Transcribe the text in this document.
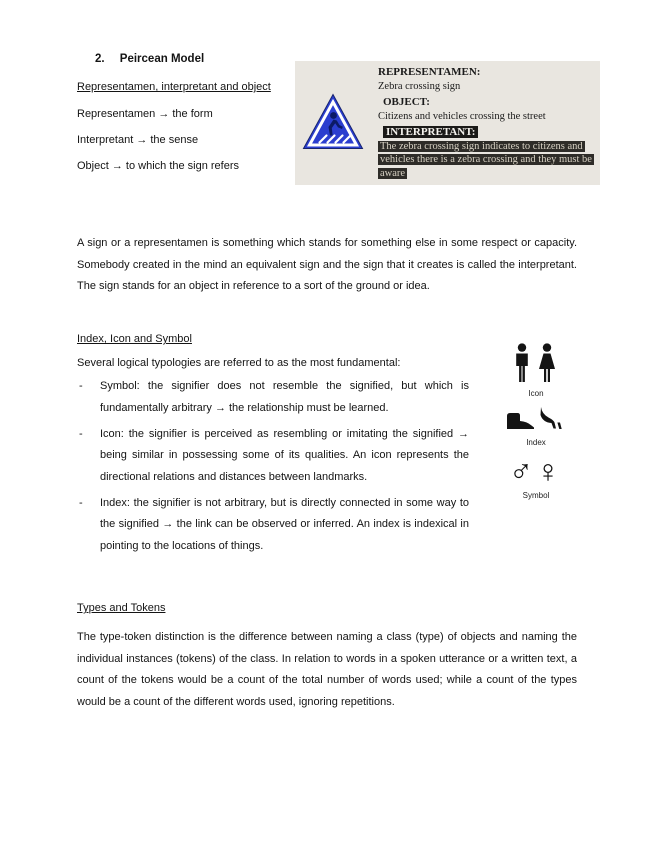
2. Peircean Model
Representamen, interpretant and object
Representamen → the form
Interpretant → the sense
Object → to which the sign refers
REPRESENTAMEN:
Zebra crossing sign
OBJECT:
Citizens and vehicles crossing the street
INTERPRETANT:
The zebra crossing sign indicates to citizens and vehicles there is a zebra crossing and they must be aware

A sign or a representamen is something which stands for something else in some respect or capacity. Somebody created in the mind an equivalent sign and the sign that it creates is called the interpretant. The sign stands for an object in reference to a sort of the ground or idea.

Icon
Index
♂♀
Symbol
Index, Icon and Symbol
Several logical typologies are referred to as the most fundamental:
- Symbol: the signifier does not resemble the signified, but which is fundamentally arbitrary → the relationship must be learned.
- Icon: the signifier is perceived as resembling or imitating the signified → being similar in possessing some of its qualities. An icon represents the directional relations and distances between landmarks.
- Index: the signifier is not arbitrary, but is directly connected in some way to the signified → the link can be observed or inferred. An index is indexical in pointing to the locations of things.
Types and Tokens

The type-token distinction is the difference between naming a class (type) of objects and naming the individual instances (tokens) of the class. In relation to words in a spoken utterance or a written text, a count of the tokens would be a count of the total number of words used; while a count of the types would be a count of the different words used, ignoring repetitions.
